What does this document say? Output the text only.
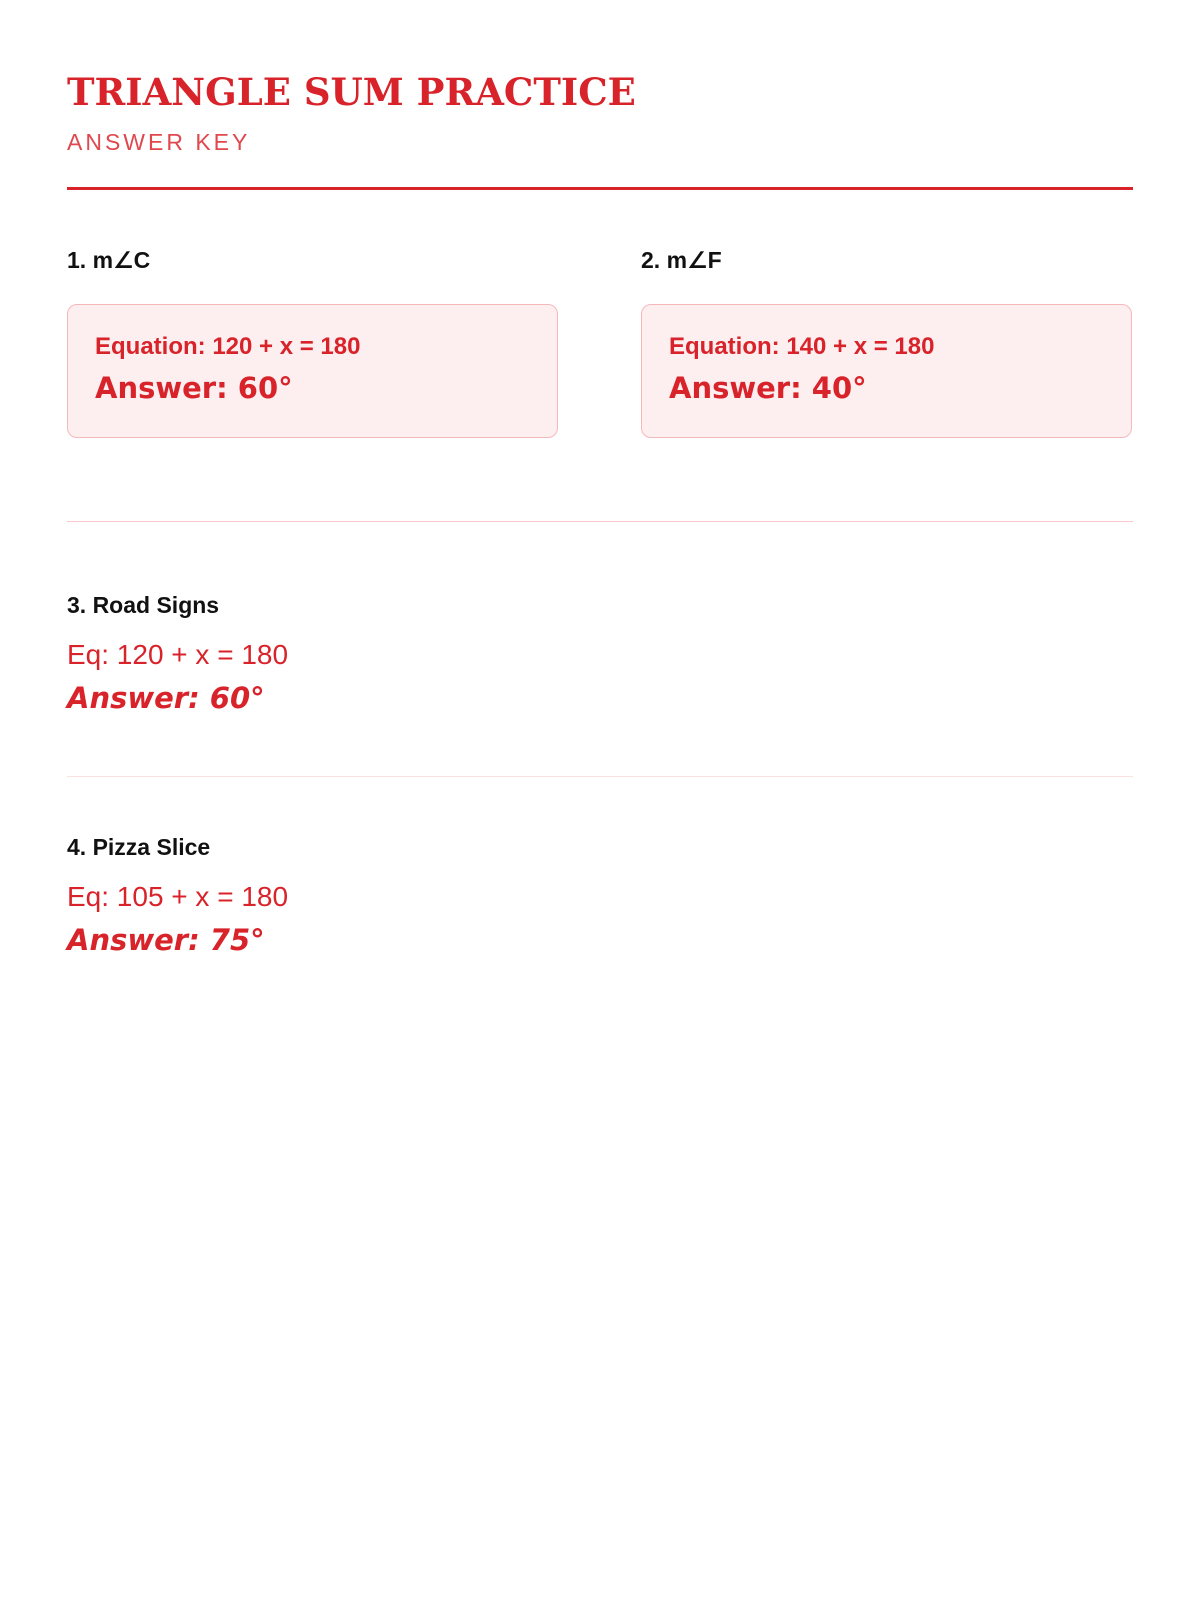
TRIANGLE SUM PRACTICE
ANSWER KEY
1. m∠C
Equation: 120 + x = 180
Answer: 60°
2. m∠F
Equation: 140 + x = 180
Answer: 40°
3. Road Signs
Eq: 120 + x = 180
Answer: 60°
4. Pizza Slice
Eq: 105 + x = 180
Answer: 75°
